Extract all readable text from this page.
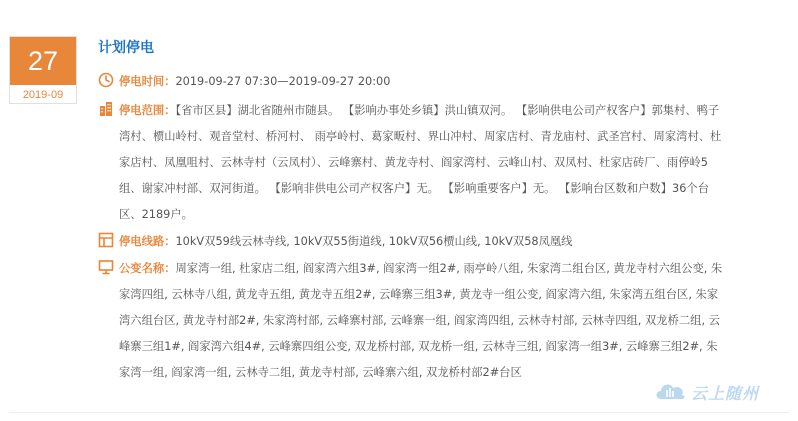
27
2019-09
计划停电
停电时间：2019-09-27 07:30—2019-09-27 20:00
停电范围：【省市区县】湖北省随州市随县。 【影响办事处乡镇】洪山镇双河。 【影响供电公司产权客户】郭集村、鸭子湾村、槚山岭村、观音堂村、桥河村、 雨亭岭村、葛家畈村、界山冲村、周家店村、青龙庙村、武圣宫村、周家湾村、杜家店村、凤凰咀村、云林寺村（云凤村）、云峰寨村、黄龙寺村、阎家湾村、云峰山村、双凤村、杜家店砖厂、雨停岭5组、谢家冲村部、双河街道。 【影响非供电公司产权客户】无。 【影响重要客户】无。 【影响台区数和户数】36个台区、2189户。
停电线路：10kV双59线云林寺线, 10kV双55街道线, 10kV双56槚山线, 10kV双58凤凰线
公变名称：周家湾一组, 杜家店二组, 阎家湾六组3#, 阎家湾一组2#, 雨亭岭八组, 朱家湾二组台区, 黄龙寺村六组公变, 朱家湾四组, 云林寺八组, 黄龙寺五组, 黄龙寺五组2#, 云峰寨三组3#, 黄龙寺一组公变, 阎家湾六组, 朱家湾五组台区, 朱家湾六组台区, 黄龙寺村部2#, 朱家湾村部, 云峰寨村部, 云峰寨一组, 阎家湾四组, 云林寺村部, 云林寺四组, 双龙桥二组, 云峰寨三组1#, 阎家湾六组4#, 云峰寨四组公变, 双龙桥村部, 双龙桥一组, 云林寺三组, 阎家湾一组3#, 云峰寨三组2#, 朱家湾一组, 阎家湾一组, 云林寺二组, 黄龙寺村部, 云峰寨六组, 双龙桥村部2#台区
云上随州
